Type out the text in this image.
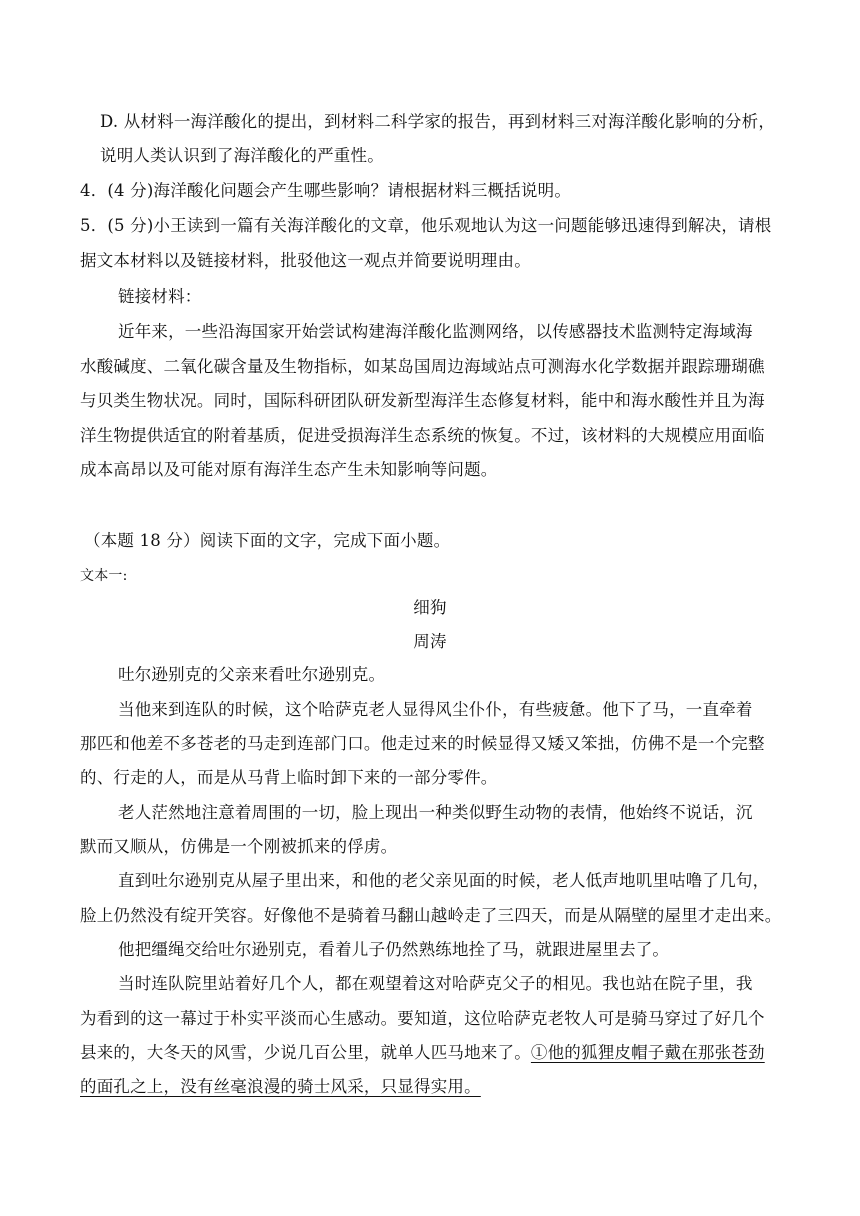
D. 从材料一海洋酸化的提出，到材料二科学家的报告，再到材料三对海洋酸化影响的分析，
说明人类认识到了海洋酸化的严重性。
4．(4 分)海洋酸化问题会产生哪些影响？请根据材料三概括说明。
5．(5 分)小王读到一篇有关海洋酸化的文章，他乐观地认为这一问题能够迅速得到解决，请根
据文本材料以及链接材料，批驳他这一观点并简要说明理由。
链接材料：
近年来，一些沿海国家开始尝试构建海洋酸化监测网络，以传感器技术监测特定海域海
水酸碱度、二氧化碳含量及生物指标，如某岛国周边海域站点可测海水化学数据并跟踪珊瑚礁
与贝类生物状况。同时，国际科研团队研发新型海洋生态修复材料，能中和海水酸性并且为海
洋生物提供适宜的附着基质，促进受损海洋生态系统的恢复。不过，该材料的大规模应用面临
成本高昂以及可能对原有海洋生态产生未知影响等问题。
（本题 18 分）阅读下面的文字，完成下面小题。
文本一:
细狗
周涛
吐尔逊别克的父亲来看吐尔逊别克。
当他来到连队的时候，这个哈萨克老人显得风尘仆仆，有些疲惫。他下了马，一直牵着
那匹和他差不多苍老的马走到连部门口。他走过来的时候显得又矮又笨拙，仿佛不是一个完整
的、行走的人，而是从马背上临时卸下来的一部分零件。
老人茫然地注意着周围的一切，脸上现出一种类似野生动物的表情，他始终不说话，沉
默而又顺从，仿佛是一个刚被抓来的俘虏。
直到吐尔逊别克从屋子里出来，和他的老父亲见面的时候，老人低声地叽里咕噜了几句，
脸上仍然没有绽开笑容。好像他不是骑着马翻山越岭走了三四天，而是从隔壁的屋里才走出来。
他把缰绳交给吐尔逊别克，看着儿子仍然熟练地拴了马，就跟进屋里去了。
当时连队院里站着好几个人，都在观望着这对哈萨克父子的相见。我也站在院子里，我
为看到的这一幕过于朴实平淡而心生感动。要知道，这位哈萨克老牧人可是骑马穿过了好几个
县来的，大冬天的风雪，少说几百公里，就单人匹马地来了。①他的狐狸皮帽子戴在那张苍劲
的面孔之上，没有丝毫浪漫的骑士风采，只显得实用。
